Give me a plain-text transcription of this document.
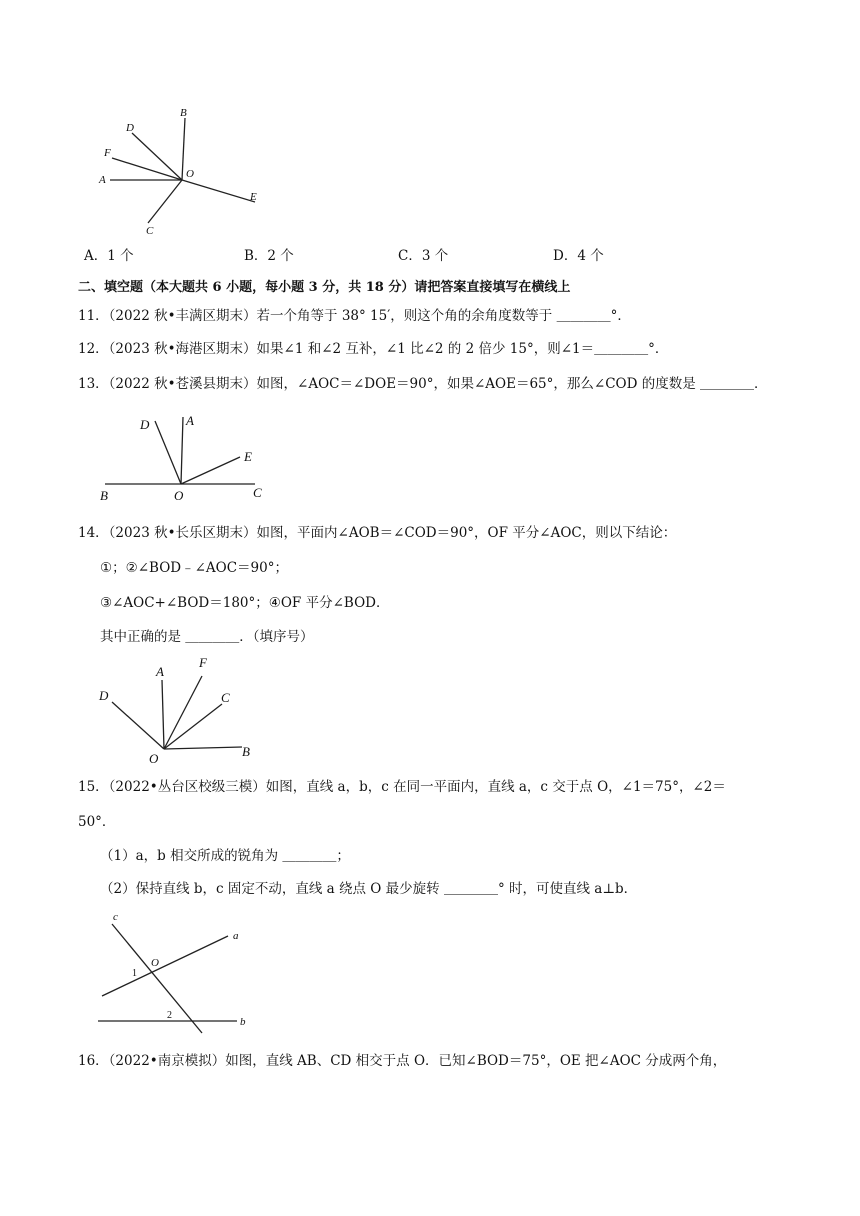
B
D
F
A	O
E
C
A．1 个	B．2 个	C．3 个	D．4 个
二、填空题（本大题共 6 小题，每小题 3 分，共 18 分）请把答案直接填写在横线上
11．（2022 秋•丰满区期末）若一个角等于 38° 15′，则这个角的余角度数等于 ＿＿＿＿°．
12．（2023 秋•海港区期末）如果∠1 和∠2 互补，∠1 比∠2 的 2 倍少 15°，则∠1＝＿＿＿＿°．
13．（2022 秋•苍溪县期末）如图，∠AOC＝∠DOE＝90°，如果∠AOE＝65°，那么∠COD 的度数是 ＿＿＿＿．
D	A
E
B	O	C
14．（2023 秋•长乐区期末）如图，平面内∠AOB＝∠COD＝90°，OF 平分∠AOC，则以下结论：
①；②∠BOD﹣∠AOC＝90°；
③∠AOC+∠BOD＝180°；④OF 平分∠BOD．
其中正确的是 ＿＿＿＿．（填序号）
D
A
F
C
O	B
15．（2022•丛台区校级三模）如图，直线 a，b，c 在同一平面内，直线 a，c 交于点 O，∠1＝75°，∠2＝
50°．
（1）a，b 相交所成的锐角为 ＿＿＿＿；
（2）保持直线 b，c 固定不动，直线 a 绕点 O 最少旋转 ＿＿＿＿° 时，可使直线 a⊥b．
c
a
O
1
2
b
16．（2022•南京模拟）如图，直线 AB、CD 相交于点 O．已知∠BOD＝75°，OE 把∠AOC 分成两个角，
